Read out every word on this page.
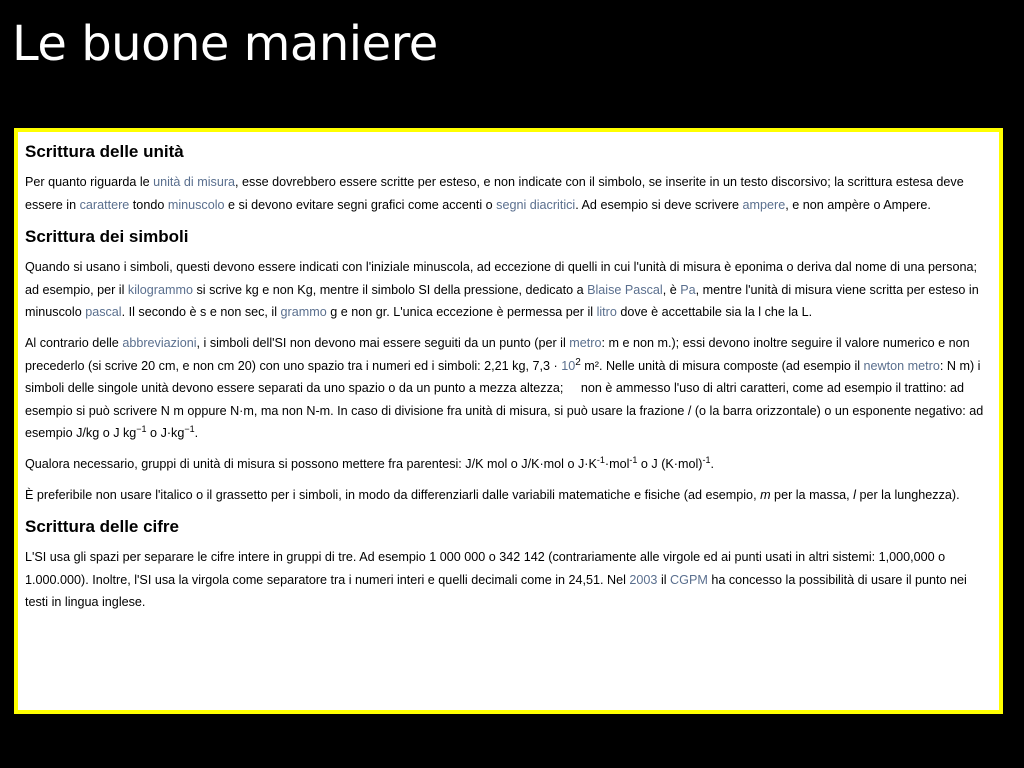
Le buone maniere
Scrittura delle unità

Per quanto riguarda le unità di misura, esse dovrebbero essere scritte per esteso, e non indicate con il simbolo, se inserite in un testo discorsivo; la scrittura estesa deve essere in carattere tondo minuscolo e si devono evitare segni grafici come accenti o segni diacritici. Ad esempio si deve scrivere ampere, e non ampère o Ampere.

Scrittura dei simboli

Quando si usano i simboli, questi devono essere indicati con l'iniziale minuscola, ad eccezione di quelli in cui l'unità di misura è eponima o deriva dal nome di una persona; ad esempio, per il kilogrammo si scrive kg e non Kg, mentre il simbolo SI della pressione, dedicato a Blaise Pascal, è Pa, mentre l'unità di misura viene scritta per esteso in minuscolo pascal. Il secondo è s e non sec, il grammo g e non gr. L'unica eccezione è permessa per il litro dove è accettabile sia la l che la L.

Al contrario delle abbreviazioni, i simboli dell'SI non devono mai essere seguiti da un punto (per il metro: m e non m.); essi devono inoltre seguire il valore numerico e non precederlo (si scrive 20 cm, e non cm 20) con uno spazio tra i numeri ed i simboli: 2,21 kg, $7,3 \cdot 10^2$ m². Nelle unità di misura composte (ad esempio il newton metro: N m) i simboli delle singole unità devono essere separati da uno spazio o da un punto a mezza altezza;     non è ammesso l'uso di altri caratteri, come ad esempio il trattino: ad esempio si può scrivere N m oppure N·m, ma non N-m. In caso di divisione fra unità di misura, si può usare la frazione / (o la barra orizzontale) o un esponente negativo: ad esempio J/kg o J $kg^{-1}$ o $J\cdot kg^{-1}$.

Qualora necessario, gruppi di unità di misura si possono mettere fra parentesi: J/K mol o J/K·mol o $J\cdot K^{-1}\cdot mol^{-1}$ o J $(K\cdot mol)^{-1}$.

È preferibile non usare l'italico o il grassetto per i simboli, in modo da differenziarli dalle variabili matematiche e fisiche (ad esempio, m per la massa, l per la lunghezza).

Scrittura delle cifre

L'SI usa gli spazi per separare le cifre intere in gruppi di tre. Ad esempio 1 000 000 o 342 142 (contrariamente alle virgole ed ai punti usati in altri sistemi: 1,000,000 o 1.000.000). Inoltre, l'SI usa la virgola come separatore tra i numeri interi e quelli decimali come in 24,51. Nel 2003 il CGPM ha concesso la possibilità di usare il punto nei testi in lingua inglese.
